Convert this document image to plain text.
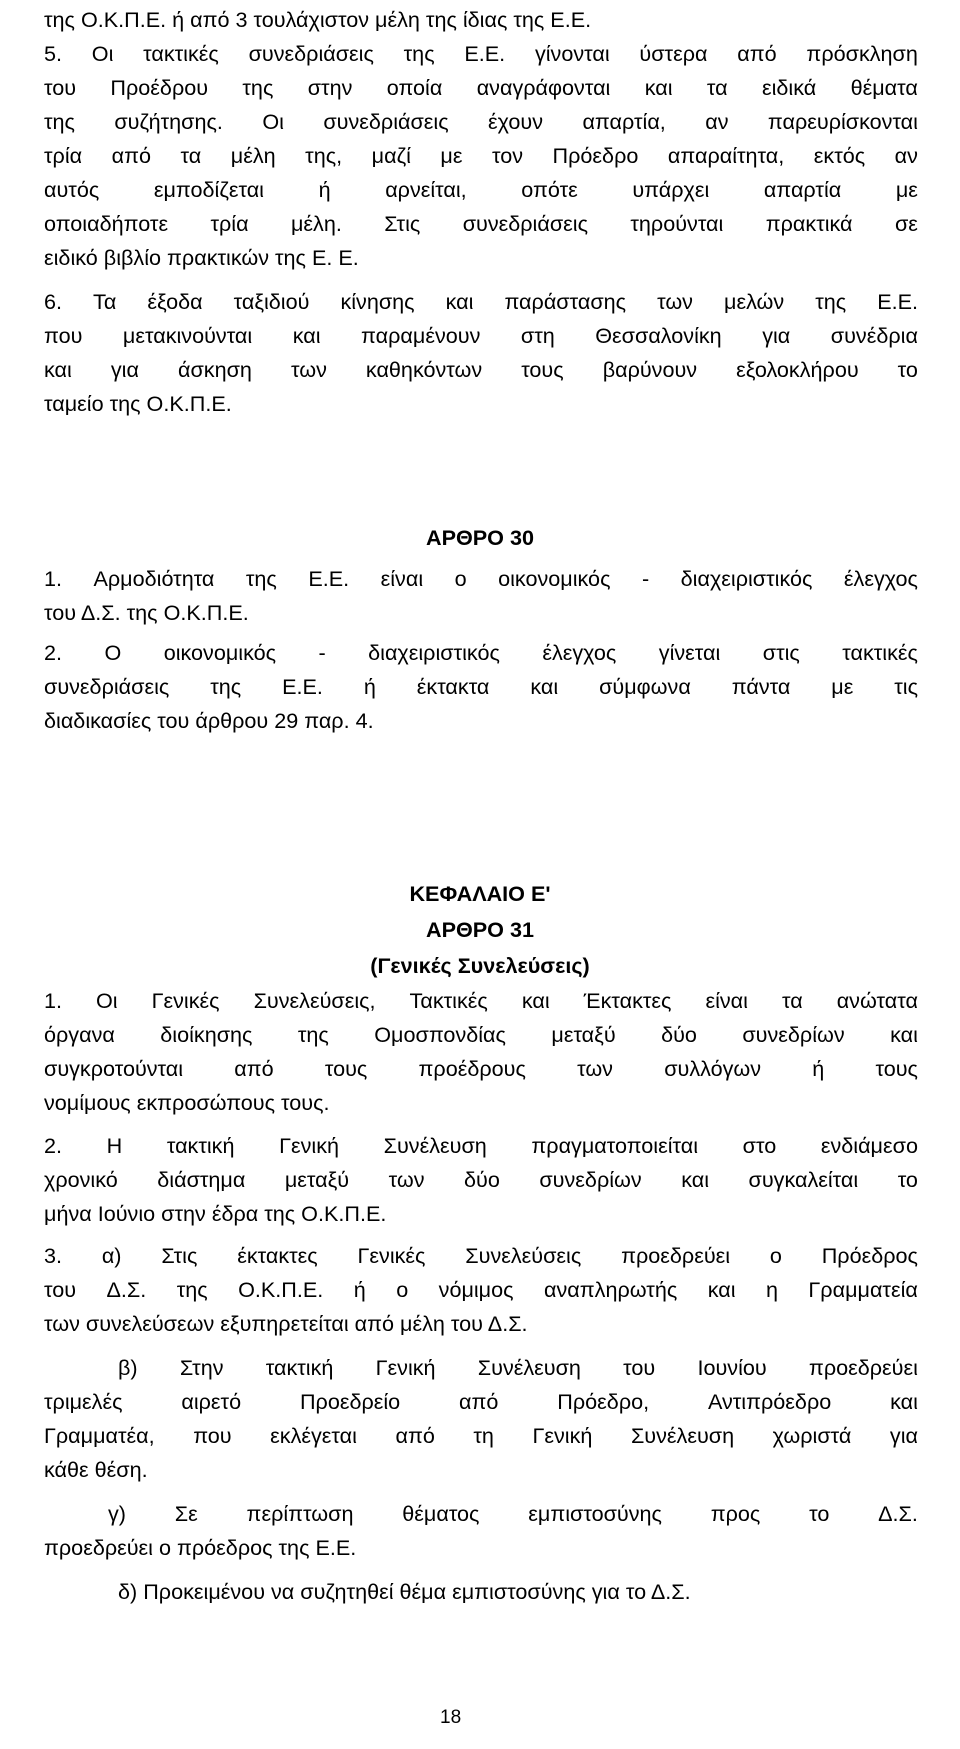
της Ο.Κ.Π.Ε. ή από 3 τουλάχιστον μέλη της ίδιας της Ε.Ε.
5. Οι τακτικές συνεδριάσεις της Ε.Ε. γίνονται ύστερα από πρόσκληση
του Προέδρου της στην οποία αναγράφονται και τα ειδικά θέματα
της συζήτησης. Οι συνεδριάσεις έχουν απαρτία, αν παρευρίσκονται
τρία από τα μέλη της, μαζί με τον Πρόεδρο απαραίτητα, εκτός αν
αυτός	εμποδίζεται	ή	αρνείται,	οπότε	υπάρχει	απαρτία	με
οποιαδήποτε τρία μέλη. Στις συνεδριάσεις τηρούνται πρακτικά σε
ειδικό βιβλίο πρακτικών της Ε. Ε.
6. Τα έξοδα ταξιδιού κίνησης και παράστασης των μελών της Ε.Ε.
που μετακινούνται και παραμένουν στη Θεσσαλονίκη για συνέδρια
και για άσκηση των καθηκόντων τους βαρύνουν εξολοκλήρου το
ταμείο της Ο.Κ.Π.Ε.
ΑΡΘΡΟ 30
1. Αρμοδιότητα της Ε.Ε. είναι ο οικονομικός - διαχειριστικός έλεγχος
του Δ.Σ. της Ο.Κ.Π.Ε.
2. Ο οικονομικός - διαχειριστικός έλεγχος γίνεται στις τακτικές
συνεδριάσεις της Ε.Ε. ή έκτακτα και σύμφωνα πάντα με τις
διαδικασίες του άρθρου 29 παρ. 4.
ΚΕΦΑΛΑΙΟ Ε'
ΑΡΘΡΟ 31
(Γενικές Συνελεύσεις)
1. Οι Γενικές Συνελεύσεις, Τακτικές και Έκτακτες είναι τα ανώτατα
όργανα διοίκησης της Ομοσπονδίας μεταξύ δύο συνεδρίων και
συγκροτούνται από τους προέδρους των συλλόγων ή τους
νομίμους εκπροσώπους τους.
2. Η τακτική Γενική Συνέλευση πραγματοποιείται στο ενδιάμεσο
χρονικό διάστημα μεταξύ των δύο συνεδρίων και συγκαλείται το
μήνα Ιούνιο στην έδρα της Ο.Κ.Π.Ε.
3. α) Στις έκτακτες Γενικές Συνελεύσεις προεδρεύει ο Πρόεδρος
του Δ.Σ. της Ο.Κ.Π.Ε. ή ο νόμιμος αναπληρωτής και η Γραμματεία
των συνελεύσεων εξυπηρετείται από μέλη του Δ.Σ.
β) Στην τακτική Γενική Συνέλευση του Ιουνίου προεδρεύει
τριμελές	αιρετό	Προεδρείο	από	Πρόεδρο,	Αντιπρόεδρο	και
Γραμματέα, που εκλέγεται από τη Γενική Συνέλευση χωριστά για
κάθε θέση.
γ) Σε περίπτωση θέματος εμπιστοσύνης προς το Δ.Σ.
προεδρεύει ο πρόεδρος της Ε.Ε.
δ) Προκειμένου να συζητηθεί θέμα εμπιστοσύνης για το Δ.Σ.
18
